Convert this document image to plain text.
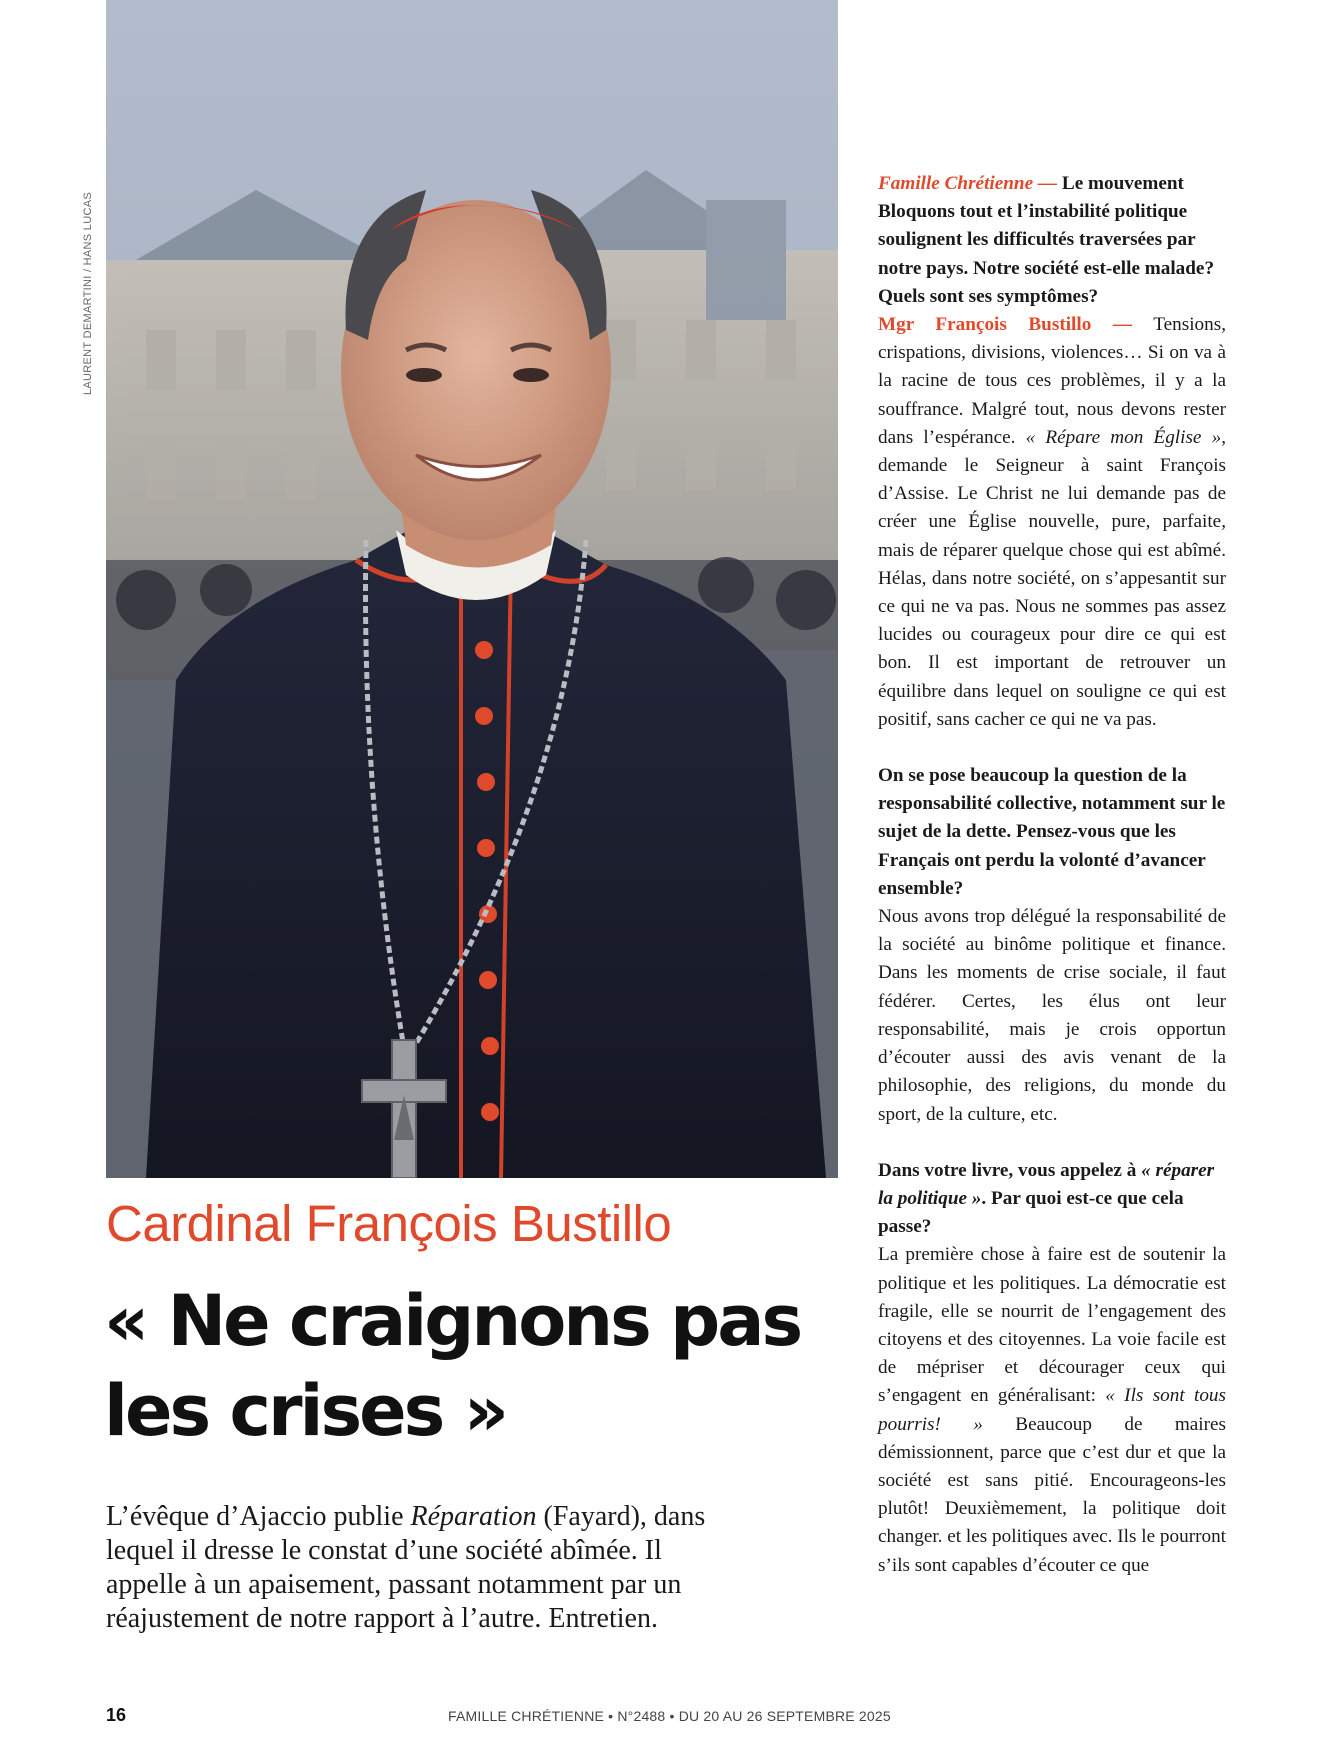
LAURENT DEMARTINI / HANS LUCAS
Cardinal François Bustillo
« Ne craignons pas les crises »

L’évêque d’Ajaccio publie Réparation (Fayard), dans lequel il dresse le constat d’une société abîmée. Il appelle à un apaisement, passant notamment par un réajustement de notre rapport à l’autre. Entretien.

Famille Chrétienne — Le mouvement Bloquons tout et l’instabilité politique soulignent les difficultés traversées par notre pays. Notre société est-elle malade? Quels sont ses symptômes?

Mgr François Bustillo — Tensions, crispations, divisions, violences… Si on va à la racine de tous ces problèmes, il y a la souffrance. Malgré tout, nous devons rester dans l’espérance. « Répare mon Église », demande le Seigneur à saint François d’Assise. Le Christ ne lui demande pas de créer une Église nouvelle, pure, parfaite, mais de réparer quelque chose qui est abîmé. Hélas, dans notre société, on s’appesantit sur ce qui ne va pas. Nous ne sommes pas assez lucides ou courageux pour dire ce qui est bon. Il est important de retrouver un équilibre dans lequel on souligne ce qui est positif, sans cacher ce qui ne va pas.

On se pose beaucoup la question de la responsabilité collective, notamment sur le sujet de la dette. Pensez-vous que les Français ont perdu la volonté d’avancer ensemble?

Nous avons trop délégué la responsabilité de la société au binôme politique et finance. Dans les moments de crise sociale, il faut fédérer. Certes, les élus ont leur responsabilité, mais je crois opportun d’écouter aussi des avis venant de la philosophie, des religions, du monde du sport, de la culture, etc.

Dans votre livre, vous appelez à « réparer la politique ». Par quoi est-ce que cela passe?

La première chose à faire est de soutenir la politique et les politiques. La démocratie est fragile, elle se nourrit de l’engagement des citoyens et des citoyennes. La voie facile est de mépriser et décourager ceux qui s’engagent en généralisant: « Ils sont tous pourris! » Beaucoup de maires démissionnent, parce que c’est dur et que la société est sans pitié. Encourageons-les plutôt! Deuxièmement, la politique doit changer. et les politiques avec. Ils le pourront s’ils sont capables d’écouter ce que

16	FAMILLE CHRÉTIENNE • N°2488 • DU 20 AU 26 SEPTEMBRE 2025
